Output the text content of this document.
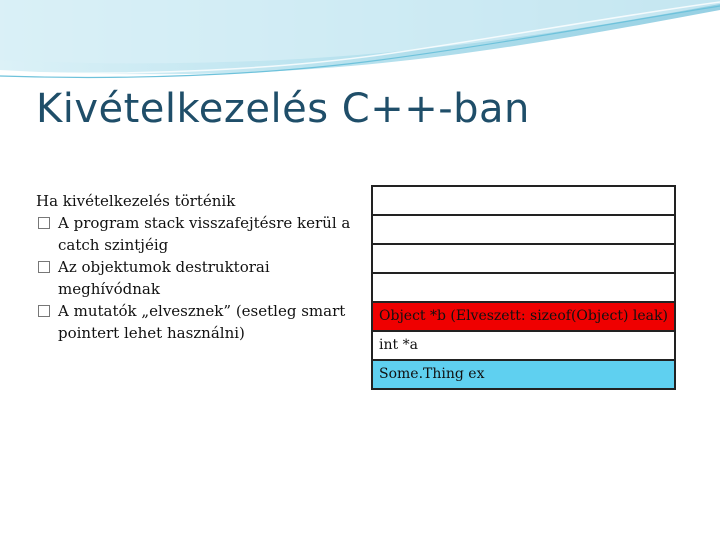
Kivételkezelés C++-ban
Ha kivételkezelés történik
A program stack visszafejtésre kerül a catch szintjéig
Az objektumok destruktorai meghívódnak
A mutatók „elvesznek” (esetleg smart pointert lehet használni)
Object *b (Elveszett: sizeof(Object) leak)
int *a
Some.Thing ex
